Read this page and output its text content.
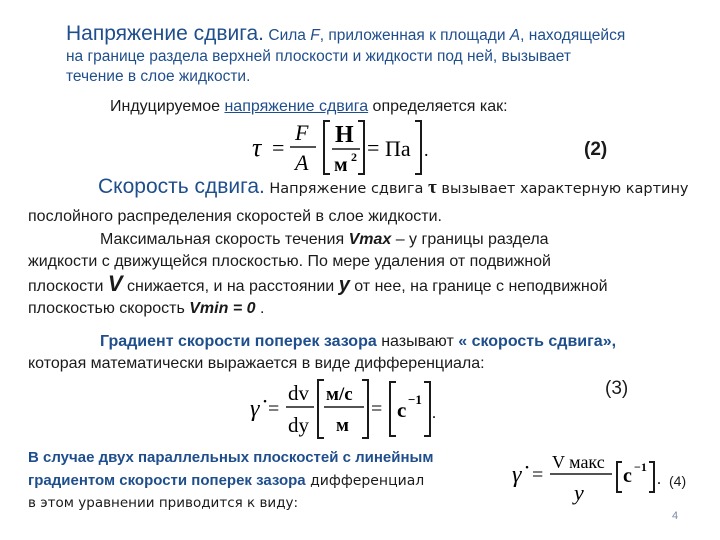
Напряжение сдвига. Сила F, приложенная к площади A, находящейся
на границе раздела верхней плоскости и жидкости под ней, вызывает
течение в слое жидкости.
Индуцируемое напряжение сдвига определяется как:
τ =
F
A
Н
м 2 = Па .	(2)
Скорость сдвига. Напряжение сдвига τ вызывает характерную картину
послойного распределения скоростей в слое жидкости.
Максимальная скорость течения Vmax – у границы раздела
жидкости с движущейся плоскостью. По мере удаления от подвижной
плоскости V снижается, и на расстоянии y от нее, на границе с неподвижной
плоскостью скорость Vmin = 0 .
Градиент скорости поперек зазора называют « скорость сдвига»,
которая математически выражается в виде дифференциала:
γ̇ =
dv
dy
м/с
м
= c −1
.
(3)
В случае двух параллельных плоскостей с линейным
градиентом скорости поперек зазора дифференциал
в этом уравнении приводится к виду:
γ̇ =
V макс
y
c −1
. (4)
4
